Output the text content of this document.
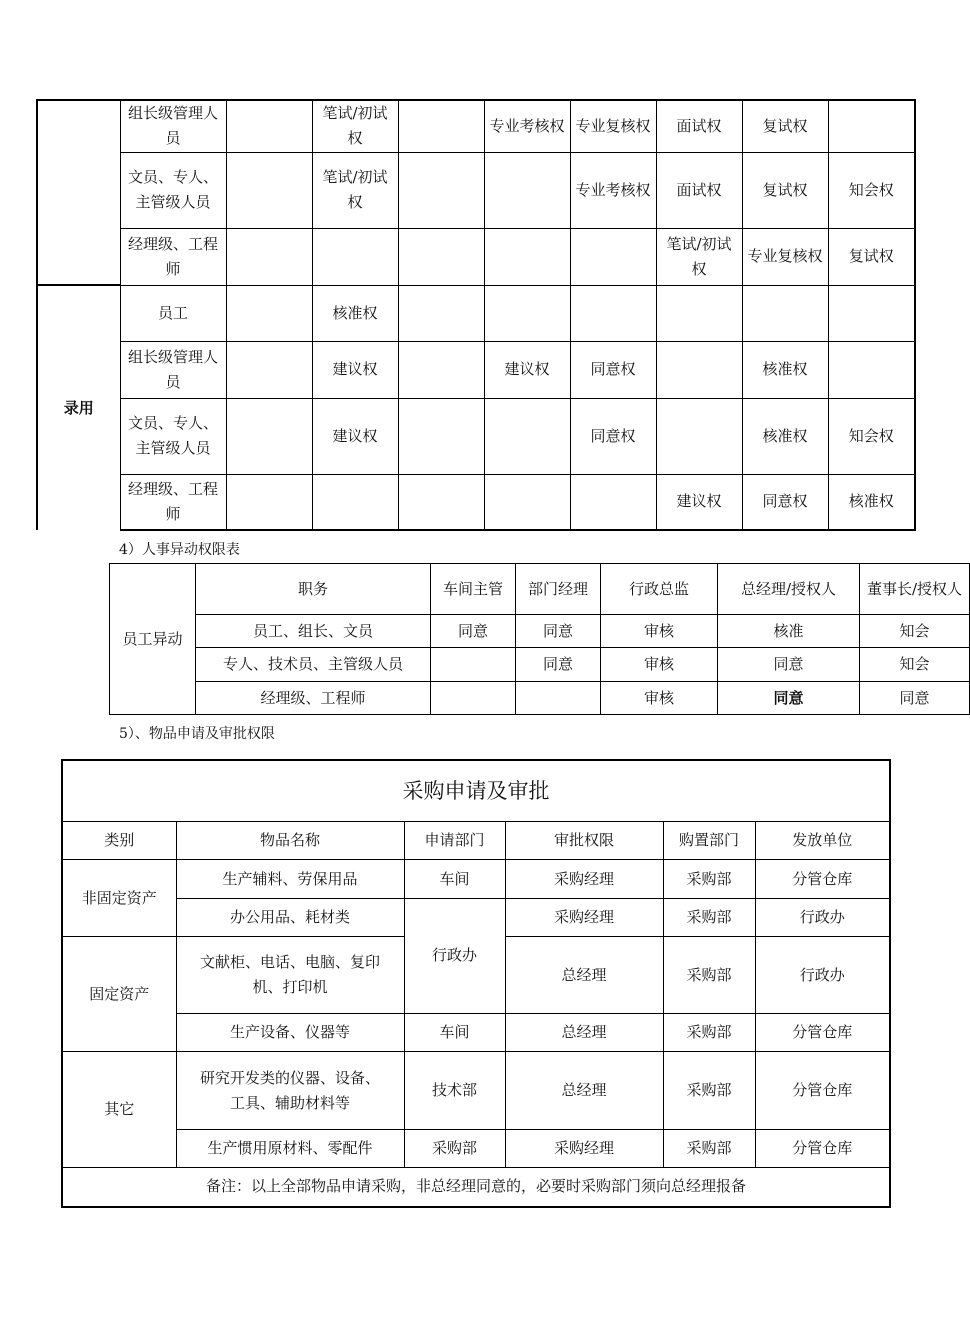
	组长级管理人员		笔试/初试权		专业考核权	专业复核权	面试权	复试权	
	文员、专人、主管级人员		笔试/初试权			专业考核权	面试权	复试权	知会权
	经理级、工程师						笔试/初试权	专业复核权	复试权
录用	员工		核准权						
	组长级管理人员		建议权		建议权	同意权		核准权	
	文员、专人、主管级人员		建议权			同意权		核准权	知会权
	经理级、工程师						建议权	同意权	核准权
4）人事异动权限表
员工异动	职务	车间主管	部门经理	行政总监	总经理/授权人	董事长/授权人
	员工、组长、文员	同意	同意	审核	核准	知会
	专人、技术员、主管级人员		同意	审核	同意	知会
	经理级、工程师			审核	同意	同意
5）、物品申请及审批权限
采购申请及审批					
类别	物品名称	申请部门	审批权限	购置部门	发放单位
非固定资产	生产辅料、劳保用品	车间	采购经理	采购部	分管仓库
	办公用品、耗材类	行政办	采购经理	采购部	行政办
固定资产	文献柜、电话、电脑、复印机、打印机		总经理	采购部	行政办
	生产设备、仪器等	车间	总经理	采购部	分管仓库
其它	研究开发类的仪器、设备、工具、辅助材料等	技术部	总经理	采购部	分管仓库
	生产惯用原材料、零配件	采购部	采购经理	采购部	分管仓库
备注：以上全部物品申请采购，非总经理同意的，必要时采购部门须向总经理报备					
